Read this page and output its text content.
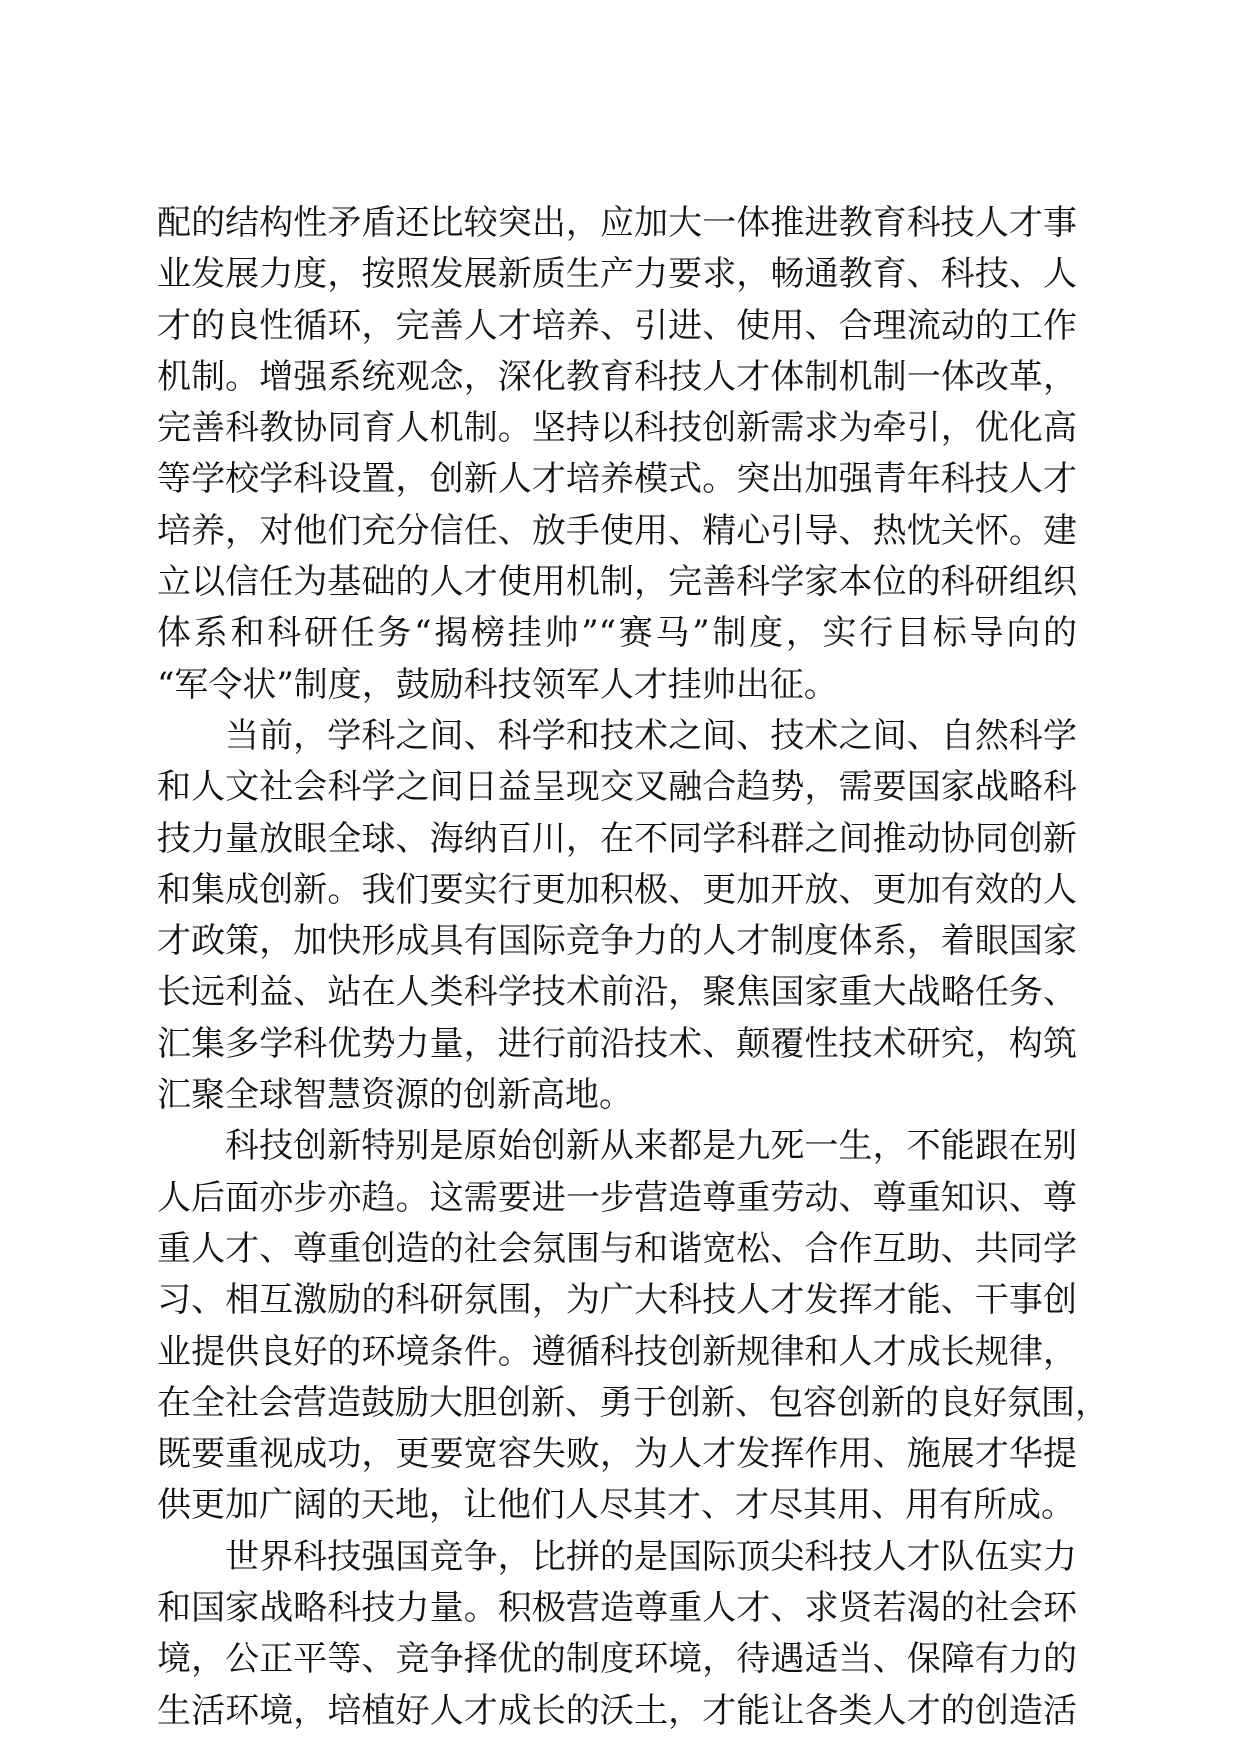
配的结构性矛盾还比较突出，应加大一体推进教育科技人才事
业发展力度，按照发展新质生产力要求，畅通教育、科技、人
才的良性循环，完善人才培养、引进、使用、合理流动的工作
机制。增强系统观念，深化教育科技人才体制机制一体改革，
完善科教协同育人机制。坚持以科技创新需求为牵引，优化高
等学校学科设置，创新人才培养模式。突出加强青年科技人才
培养，对他们充分信任、放手使用、精心引导、热忱关怀。建
立以信任为基础的人才使用机制，完善科学家本位的科研组织
体系和科研任务“揭榜挂帅”“赛马”制度，实行目标导向的
“军令状”制度，鼓励科技领军人才挂帅出征。
当前，学科之间、科学和技术之间、技术之间、自然科学
和人文社会科学之间日益呈现交叉融合趋势，需要国家战略科
技力量放眼全球、海纳百川，在不同学科群之间推动协同创新
和集成创新。我们要实行更加积极、更加开放、更加有效的人
才政策，加快形成具有国际竞争力的人才制度体系，着眼国家
长远利益、站在人类科学技术前沿，聚焦国家重大战略任务、
汇集多学科优势力量，进行前沿技术、颠覆性技术研究，构筑
汇聚全球智慧资源的创新高地。
科技创新特别是原始创新从来都是九死一生，不能跟在别
人后面亦步亦趋。这需要进一步营造尊重劳动、尊重知识、尊
重人才、尊重创造的社会氛围与和谐宽松、合作互助、共同学
习、相互激励的科研氛围，为广大科技人才发挥才能、干事创
业提供良好的环境条件。遵循科技创新规律和人才成长规律，
在全社会营造鼓励大胆创新、勇于创新、包容创新的良好氛围，
既要重视成功，更要宽容失败，为人才发挥作用、施展才华提
供更加广阔的天地，让他们人尽其才、才尽其用、用有所成。
世界科技强国竞争，比拼的是国际顶尖科技人才队伍实力
和国家战略科技力量。积极营造尊重人才、求贤若渴的社会环
境，公正平等、竞争择优的制度环境，待遇适当、保障有力的
生活环境，培植好人才成长的沃土，才能让各类人才的创造活
